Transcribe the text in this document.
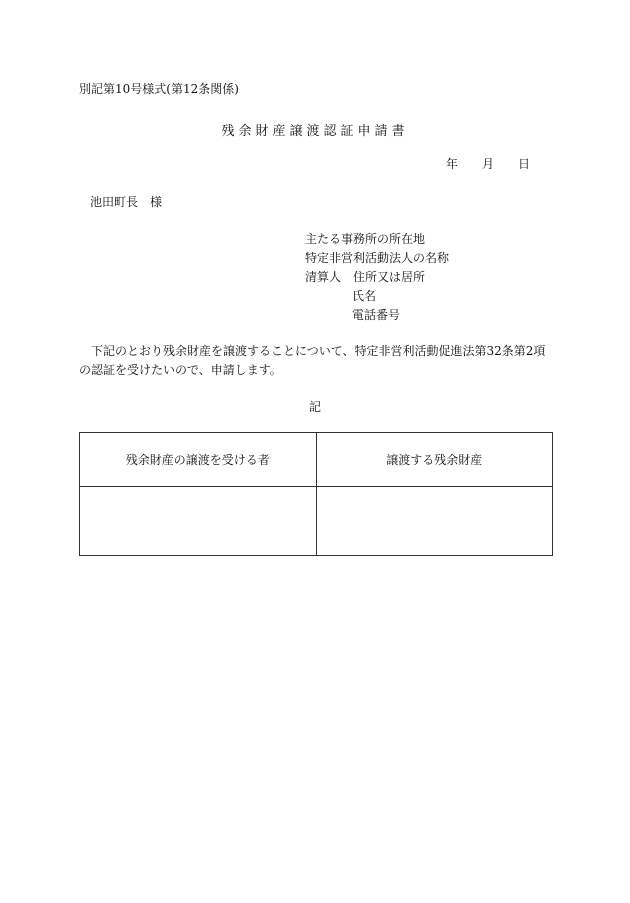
別記第10号様式(第12条関係)
残余財産譲渡認証申請書
年 月 日
池田町長　様
主たる事務所の所在地
特定非営利活動法人の名称
清算人　 住所又は居所
氏名
電話番号
下記のとおり残余財産を譲渡することについて、特定非営利活動促進法第32条第2項の認証を受けたいので、申請します。
記
残余財産の譲渡を受ける者	譲渡する残余財産
